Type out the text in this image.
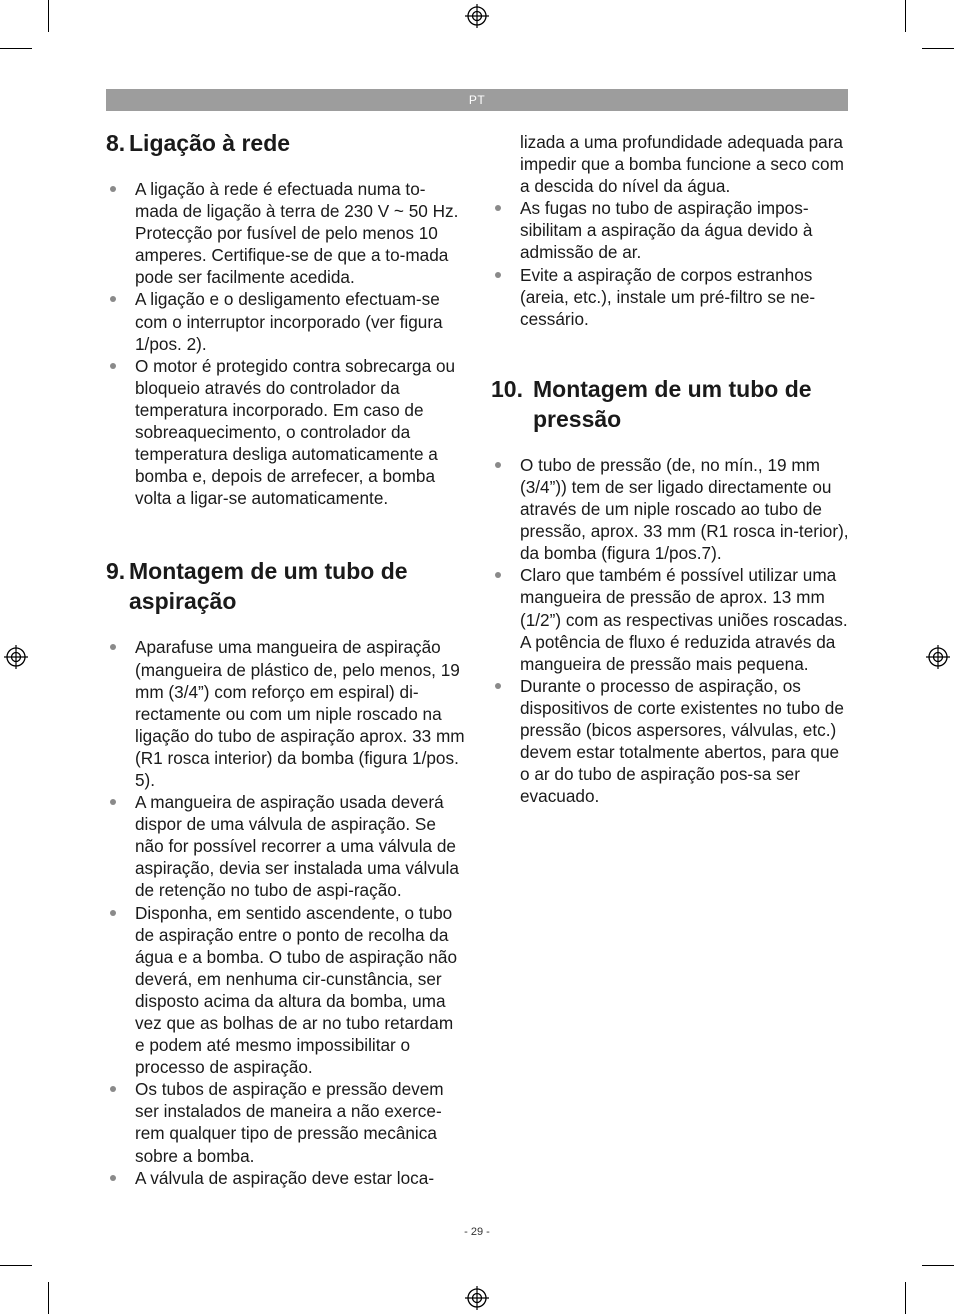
PT
8. Ligação à rede
A ligação à rede é efectuada numa to-mada de ligação à terra de 230 V ~ 50 Hz. Protecção por fusível de pelo menos 10 amperes. Certifique-se de que a to-mada pode ser facilmente acedida.
A ligação e o desligamento efectuam-se com o interruptor incorporado (ver figura 1/pos. 2).
O motor é protegido contra sobrecarga ou bloqueio através do controlador da temperatura incorporado. Em caso de sobreaquecimento, o controlador da temperatura desliga automaticamente a bomba e, depois de arrefecer, a bomba volta a ligar-se automaticamente.
9. Montagem de um tubo de aspiração
Aparafuse uma mangueira de aspiração (mangueira de plástico de, pelo menos, 19 mm (3/4”) com reforço em espiral) di-rectamente ou com um niple roscado na ligação do tubo de aspiração aprox. 33 mm (R1 rosca interior) da bomba (figura 1/pos. 5).
A mangueira de aspiração usada deverá dispor de uma válvula de aspiração. Se não for possível recorrer a uma válvula de aspiração, devia ser instalada uma válvula de retenção no tubo de aspi-ração.
Disponha, em sentido ascendente, o tubo de aspiração entre o ponto de recolha da água e a bomba. O tubo de aspiração não deverá, em nenhuma cir-cunstância, ser disposto acima da altura da bomba, uma vez que as bolhas de ar no tubo retardam e podem até mesmo impossibilitar o processo de aspiração.
Os tubos de aspiração e pressão devem ser instalados de maneira a não exerce-rem qualquer tipo de pressão mecânica sobre a bomba.
A válvula de aspiração deve estar loca-
lizada a uma profundidade adequada para impedir que a bomba funcione a seco com a descida do nível da água.
As fugas no tubo de aspiração impos-sibilitam a aspiração da água devido à admissão de ar.
Evite a aspiração de corpos estranhos (areia, etc.), instale um pré-filtro se ne-cessário.
10. Montagem de um tubo de pressão
O tubo de pressão (de, no mín., 19 mm (3/4”)) tem de ser ligado directamente ou através de um niple roscado ao tubo de pressão, aprox. 33 mm (R1 rosca in-terior), da bomba (figura 1/pos.7).
Claro que também é possível utilizar uma mangueira de pressão de aprox. 13 mm (1/2”) com as respectivas uniões roscadas. A potência de fluxo é reduzida através da mangueira de pressão mais pequena.
Durante o processo de aspiração, os dispositivos de corte existentes no tubo de pressão (bicos aspersores, válvulas, etc.) devem estar totalmente abertos, para que o ar do tubo de aspiração pos-sa ser evacuado.
- 29 -
